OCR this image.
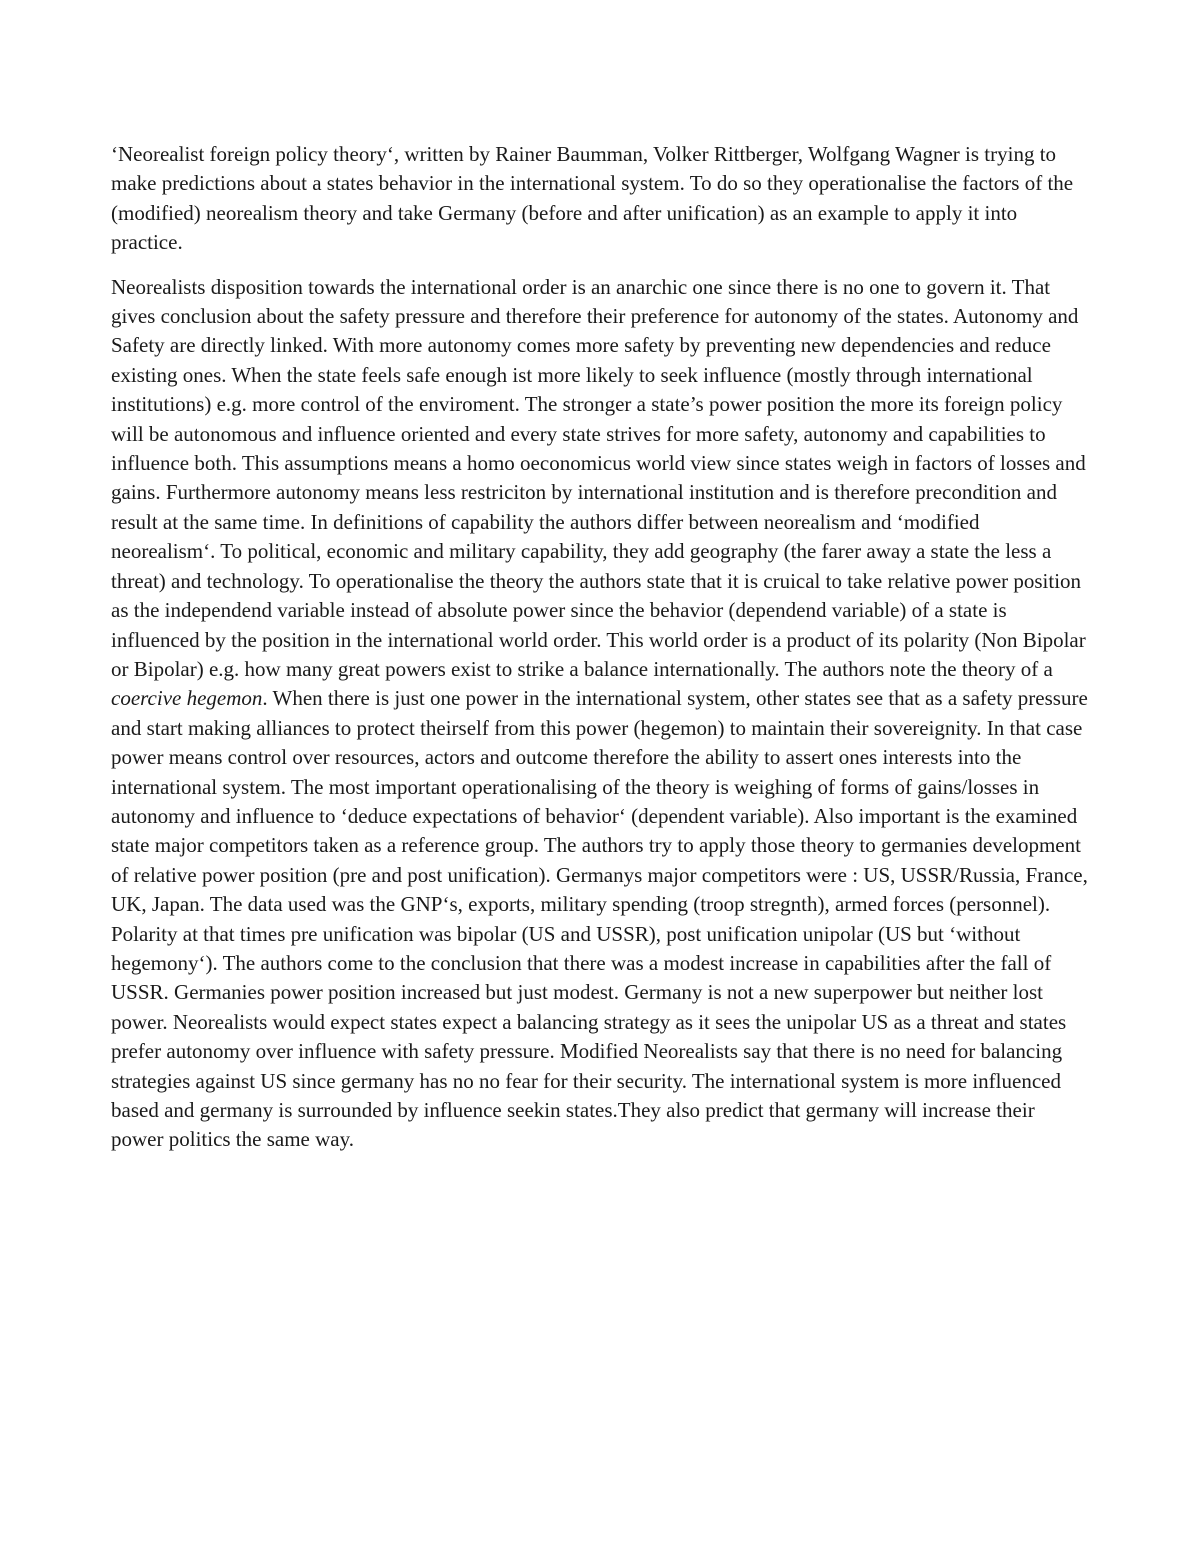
‘Neorealist foreign policy theory‘, written by Rainer Baumman, Volker Rittberger, Wolfgang Wagner is trying to make predictions about a states behavior in the international system. To do so they operationalise the factors of the (modified) neorealism theory and take Germany (before and after unification) as an example to apply it into practice.

Neorealists disposition towards the international order is an anarchic one since there is no one to govern it. That gives conclusion about the safety pressure and therefore their preference for autonomy of the states. Autonomy and Safety are directly linked. With more autonomy comes more safety by preventing new dependencies and reduce existing ones. When the state feels safe enough ist more likely to seek influence (mostly through international institutions) e.g. more control of the enviroment. The stronger a state’s power position the more its foreign policy will be autonomous and influence oriented and every state strives for more safety, autonomy and capabilities to influence both. This assumptions means a homo oeconomicus world view since states weigh in factors of losses and gains. Furthermore autonomy means less restriciton by international institution and is therefore precondition and result at the same time. In definitions of capability the authors differ between neorealism and ‘modified neorealism‘. To political, economic and military capability, they add geography (the farer away a state the less a threat) and technology. To operationalise the theory the authors state that it is cruical to take relative power position as the independend variable instead of absolute power since the behavior (dependend variable) of a state is influenced by the position in the international world order. This world order is a product of its polarity (Non Bipolar or Bipolar) e.g. how many great powers exist to strike a balance internationally. The authors note the theory of a coercive hegemon. When there is just one power in the international system, other states see that as a safety pressure and start making alliances to protect theirself from this power (hegemon) to maintain their sovereignity. In that case power means control over resources, actors and outcome therefore the ability to assert ones interests into the international system. The most important operationalising of the theory is weighing of forms of gains/losses in autonomy and influence to ‘deduce expectations of behavior‘ (dependent variable). Also important is the examined state major competitors taken as a reference group. The authors try to apply those theory to germanies development of relative power position (pre and post unification). Germanys major competitors were : US, USSR/Russia, France, UK, Japan. The data used was the GNP‘s, exports, military spending (troop stregnth), armed forces (personnel). Polarity at that times pre unification was bipolar (US and USSR), post unification unipolar (US but ‘without hegemony‘). The authors come to the conclusion that there was a modest increase in capabilities after the fall of USSR. Germanies power position increased but just modest. Germany is not a new superpower but neither lost power. Neorealists would expect states expect a balancing strategy as it sees the unipolar US as a threat and states prefer autonomy over influence with safety pressure. Modified Neorealists say that there is no need for balancing strategies against US since germany has no no fear for their security. The international system is more influenced based and germany is surrounded by influence seekin states.They also predict that germany will increase their power politics the same way.
